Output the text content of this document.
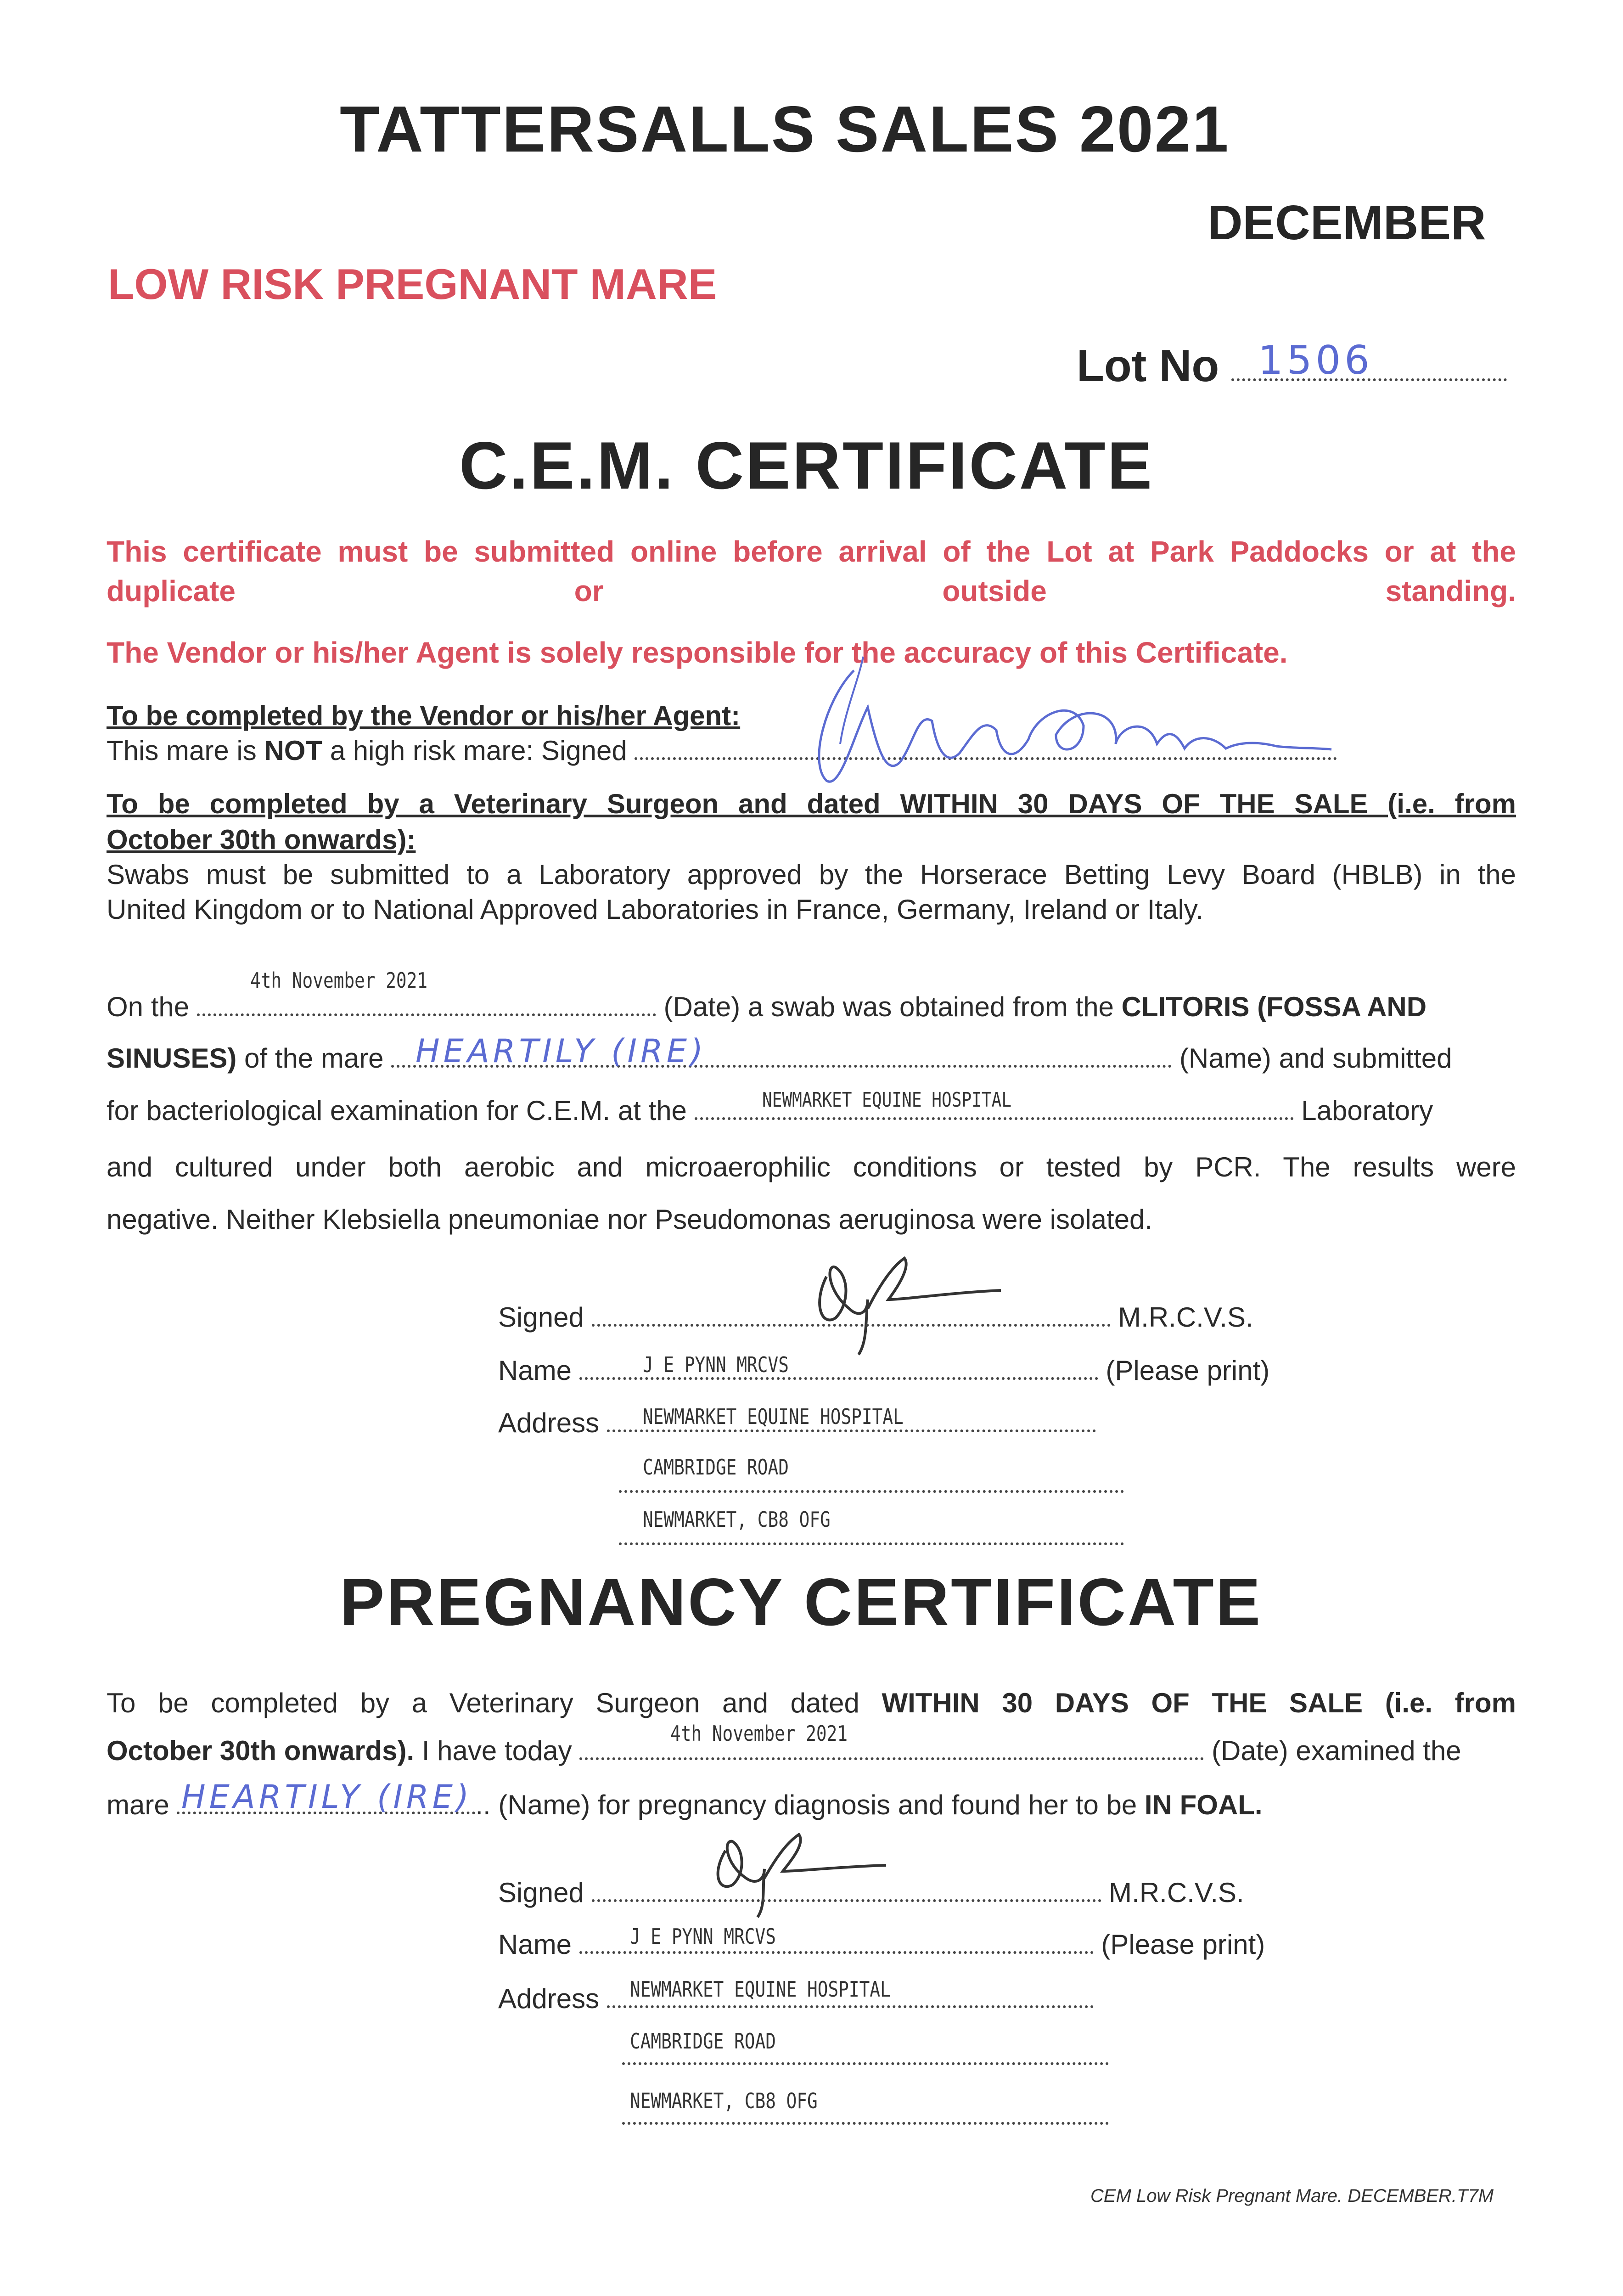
TATTERSALLS SALES 2021
DECEMBER
LOW RISK PREGNANT MARE
Lot No 1506
C.E.M. CERTIFICATE
This certificate must be submitted online before arrival of the Lot at Park Paddocks or at the duplicate or outside standing.
The Vendor or his/her Agent is solely responsible for the accuracy of this Certificate.
To be completed by the Vendor or his/her Agent:
This mare is NOT a high risk mare: Signed
To be completed by a Veterinary Surgeon and dated WITHIN 30 DAYS OF THE SALE (i.e. from
October 30th onwards):
Swabs must be submitted to a Laboratory approved by the Horserace Betting Levy Board (HBLB) in the
United Kingdom or to National Approved Laboratories in France, Germany, Ireland or Italy.
4th November 2021
On the	(Date) a swab was obtained from the CLITORIS (FOSSA AND
SINUSES) of the mare	(Name) and submitted
HEARTILY (IRE)
for bacteriological examination for C.E.M. at the	Laboratory
NEWMARKET EQUINE HOSPITAL
and cultured under both aerobic and microaerophilic conditions or tested by PCR. The results were
negative. Neither Klebsiella pneumoniae nor Pseudomonas aeruginosa were isolated.
Signed	M.R.C.V.S.
J E PYNN MRCVS
Name	(Please print)
NEWMARKET EQUINE HOSPITAL
Address
CAMBRIDGE ROAD
NEWMARKET, CB8 OFG
PREGNANCY CERTIFICATE
To be completed by a Veterinary Surgeon and dated WITHIN 30 DAYS OF THE SALE (i.e. from
4th November 2021
October 30th onwards). I have today	(Date) examined the
mare	.. (Name) for pregnancy diagnosis and found her to be IN FOAL.
HEARTILY (IRE)
Signed	M.R.C.V.S.
J E PYNN MRCVS
Name	(Please print)
NEWMARKET EQUINE HOSPITAL
Address
CAMBRIDGE ROAD
NEWMARKET, CB8 OFG
CEM Low Risk Pregnant Mare. DECEMBER.T7M
